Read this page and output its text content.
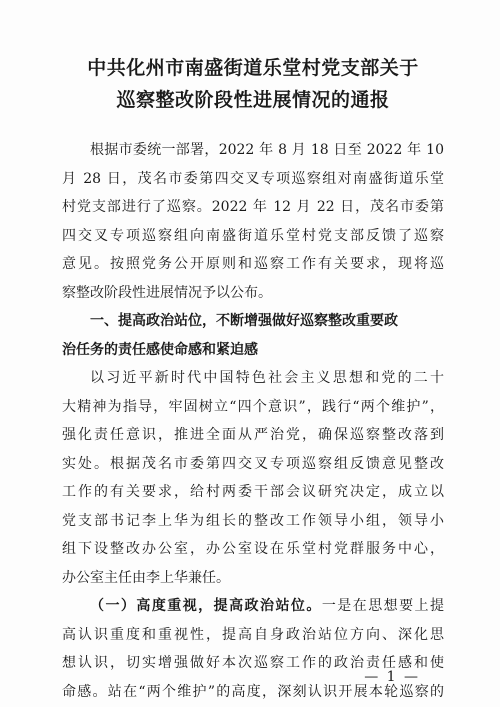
中共化州市南盛街道乐堂村党支部关于
巡察整改阶段性进展情况的通报

根据市委统一部署，2022 年 8 月 18 日至 2022 年 10
月 28 日，茂名市委第四交叉专项巡察组对南盛街道乐堂
村党支部进行了巡察。2022 年 12 月 22 日，茂名市委第
四交叉专项巡察组向南盛街道乐堂村党支部反馈了巡察
意见。按照党务公开原则和巡察工作有关要求，现将巡
察整改阶段性进展情况予以公布。

一、提高政治站位，不断增强做好巡察整改重要政
治任务的责任感使命感和紧迫感

以习近平新时代中国特色社会主义思想和党的二十
大精神为指导，牢固树立“四个意识”，践行“两个维护”，
强化责任意识，推进全面从严治党，确保巡察整改落到
实处。根据茂名市委第四交叉专项巡察组反馈意见整改
工作的有关要求，给村两委干部会议研究决定，成立以
党支部书记李上华为组长的整改工作领导小组，领导小
组下设整改办公室，办公室设在乐堂村党群服务中心，
办公室主任由李上华兼任。

（一）高度重视，提高政治站位。一是在思想要上提
高认识重度和重视性，提高自身政治站位方向、深化思
想认识，切实增强做好本次巡察工作的政治责任感和使
命感。站在“两个维护”的高度，深刻认识开展本轮巡察的

— 1 —
